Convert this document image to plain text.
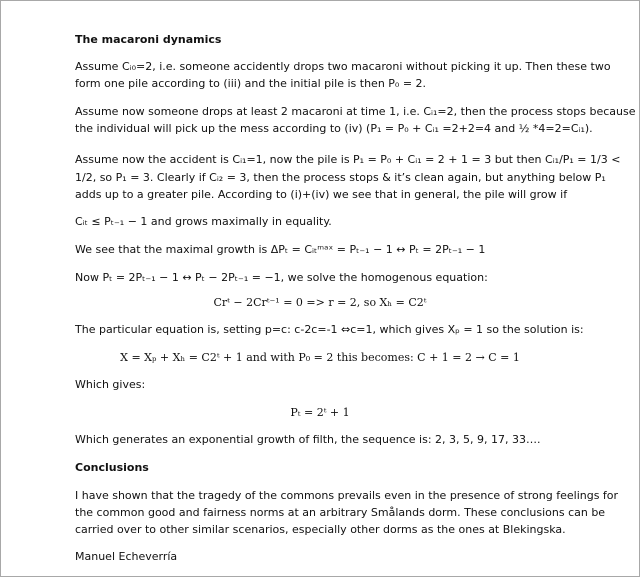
The macaroni dynamics

Assume Cᵢ₀=2, i.e. someone accidently drops two macaroni without picking it up. Then these two

form one pile according to (iii) and the initial pile is then P₀ = 2.

Assume now someone drops at least 2 macaroni at time 1, i.e. Cᵢ₁=2, then the process stops because

the individual will pick up the mess according to (iv) (P₁ = P₀ + Cᵢ₁ =2+2=4 and ½ *4=2=Cᵢ₁).

Assume now the accident is Cᵢ₁=1, now the pile is P₁ = P₀ + Cᵢ₁ = 2 + 1 = 3 but then Cᵢ₁/P₁ = 1/3 <

1/2, so P₁ = 3. Clearly if Cᵢ₂ = 3, then the process stops & it’s clean again, but anything below P₁

adds up to a greater pile. According to (i)+(iv) we see that in general, the pile will grow if

Cᵢₜ ≤ Pₜ₋₁ − 1 and grows maximally in equality.

We see that the maximal growth is ΔPₜ = Cᵢₜᵐᵃˣ = Pₜ₋₁ − 1 ↔ Pₜ = 2Pₜ₋₁ − 1

Now Pₜ = 2Pₜ₋₁ − 1 ↔ Pₜ − 2Pₜ₋₁ = −1, we solve the homogenous equation:

Crᵗ − 2Crᵗ⁻¹ = 0 => r = 2, so Xₕ = C2ᵗ

The particular equation is, setting p=c: c-2c=-1 ⇔c=1, which gives Xₚ = 1 so the solution is:

X = Xₚ + Xₕ = C2ᵗ + 1 and with P₀ = 2 this becomes: C + 1 = 2 → C = 1

Which gives:

Pₜ = 2ᵗ + 1

Which generates an exponential growth of filth, the sequence is: 2, 3, 5, 9, 17, 33….

Conclusions

I have shown that the tragedy of the commons prevails even in the presence of strong feelings for

the common good and fairness norms at an arbitrary Smålands dorm. These conclusions can be

carried over to other similar scenarios, especially other dorms as the ones at Blekingska.

Manuel Echeverría
